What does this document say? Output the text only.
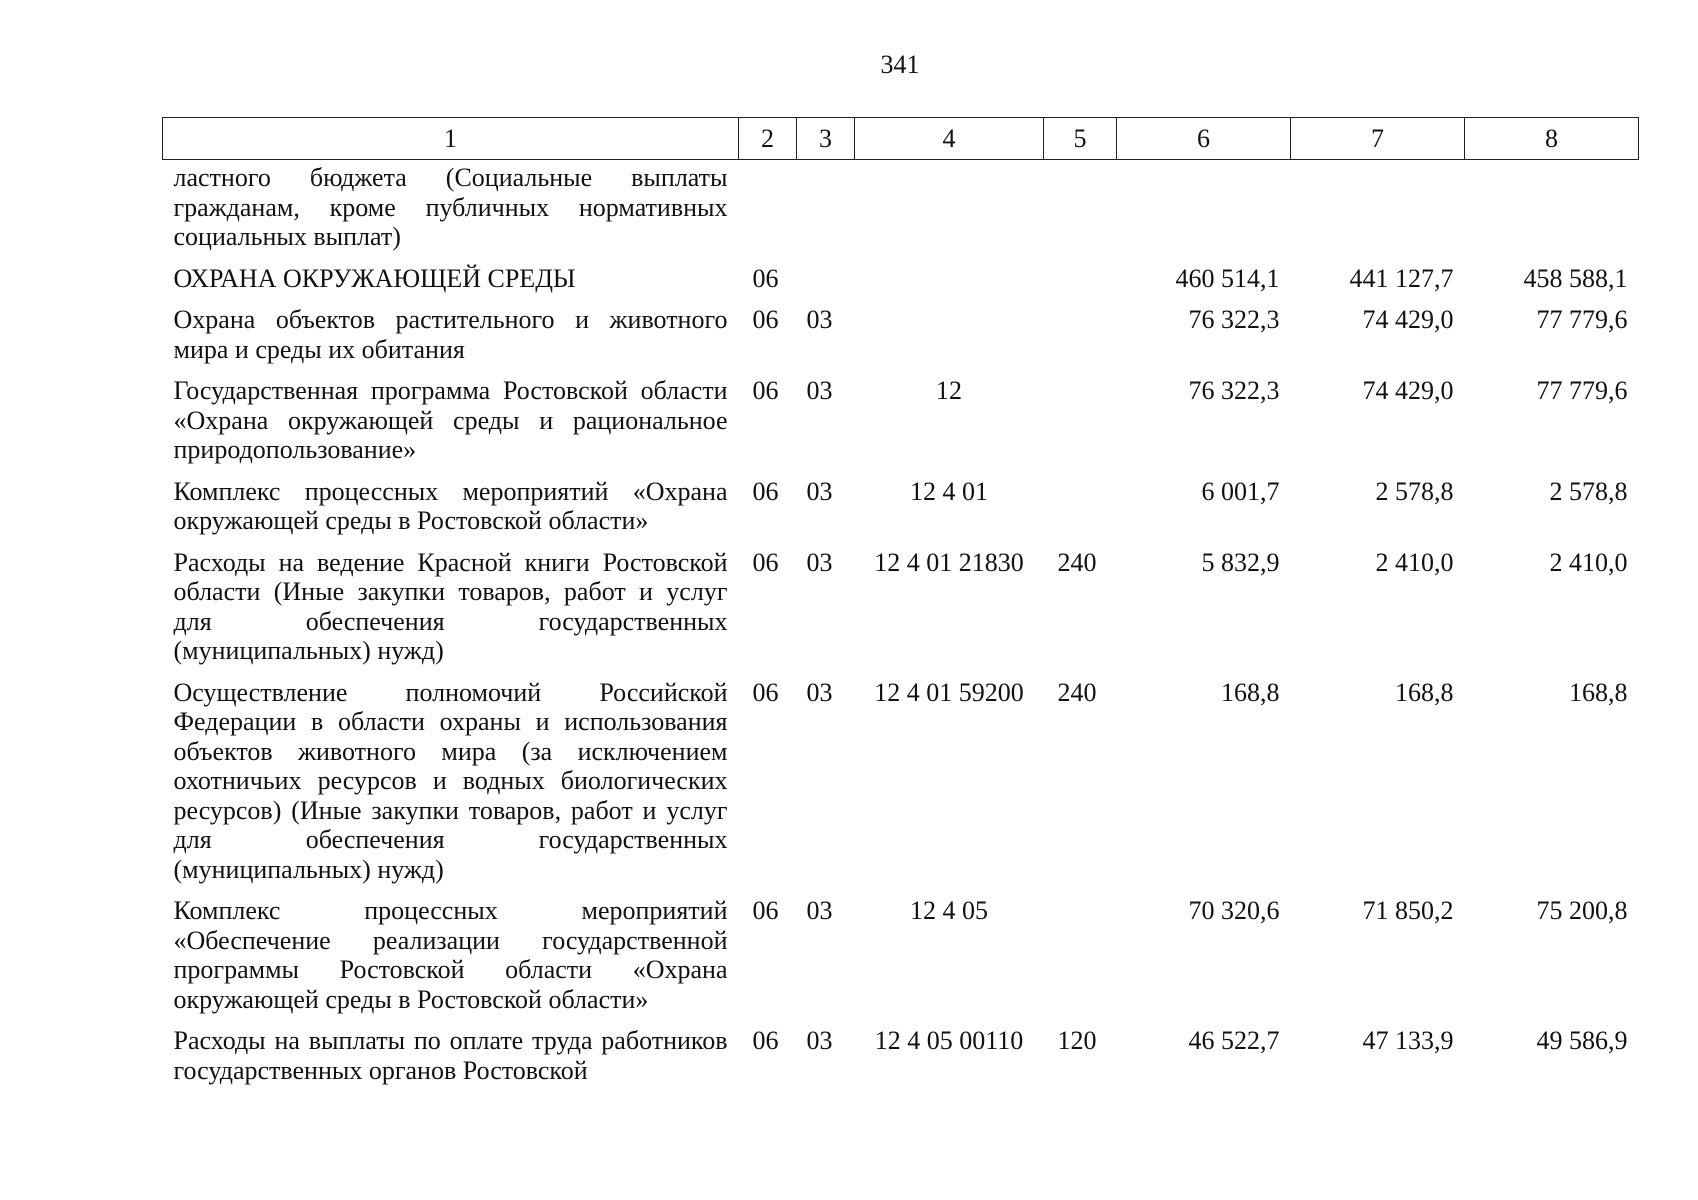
341
1	2	3	4	5	6	7	8
ластного бюджета (Социальные выплаты гражданам, кроме публичных нормативных социальных выплат)							
ОХРАНА ОКРУЖАЮЩЕЙ СРЕДЫ	06				460 514,1	441 127,7	458 588,1
Охрана объектов растительного и животного мира и среды их обитания	06	03			76 322,3	74 429,0	77 779,6
Государственная программа Ростовской области «Охрана окружающей среды и рациональное природопользование»	06	03	12		76 322,3	74 429,0	77 779,6
Комплекс процессных мероприятий «Охрана окружающей среды в Ростовской области»	06	03	12 4 01		6 001,7	2 578,8	2 578,8
Расходы на ведение Красной книги Ростовской области (Иные закупки товаров, работ и услуг для обеспечения государственных (муниципальных) нужд)	06	03	12 4 01 21830	240	5 832,9	2 410,0	2 410,0
Осуществление полномочий Российской Федерации в области охраны и использования объектов животного мира (за исключением охотничьих ресурсов и водных биологических ресурсов) (Иные закупки товаров, работ и услуг для обеспечения государственных (муниципальных) нужд)	06	03	12 4 01 59200	240	168,8	168,8	168,8
Комплекс процессных мероприятий «Обеспечение реализации государственной программы Ростовской области «Охрана окружающей среды в Ростовской области»	06	03	12 4 05		70 320,6	71 850,2	75 200,8
Расходы на выплаты по оплате труда работников государственных органов Ростовской	06	03	12 4 05 00110	120	46 522,7	47 133,9	49 586,9
